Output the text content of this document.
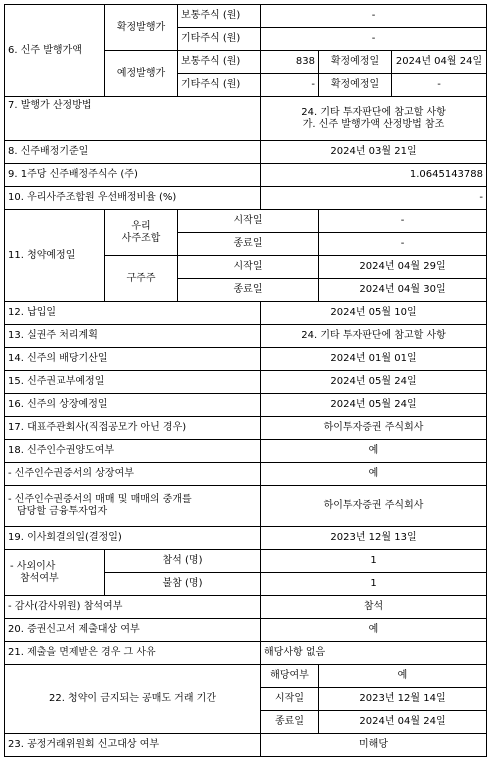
6. 신주 발행가액	확정발행가	보통주식 (원)	-		
		기타주식 (원)	-		
	예정발행가	보통주식 (원)	838	확정예정일	2024년 04월 24일
		기타주식 (원)	-	확정예정일	-
7. 발행가 산정방법			24. 기타 투자판단에 참고할 사항
가. 신주 발행가액 산정방법 참조		

8. 신주배정기준일			2024년 03월 21일		
9. 1주당 신주배정주식수 (주)			1.0645143788		
10. 우리사주조합원 우선배정비율 (%)			-		
11. 청약예정일	우리
사주조합	시작일		-	
		종료일		-	
	구주주	시작일		2024년 04월 29일	
		종료일		2024년 04월 30일	
12. 납입일			2024년 05월 10일		
13. 실권주 처리계획			24. 기타 투자판단에 참고할 사항		
14. 신주의 배당기산일			2024년 01월 01일		
15. 신주권교부예정일			2024년 05월 24일		
16. 신주의 상장예정일			2024년 05월 24일		
17. 대표주관회사(직접공모가 아닌 경우)			하이투자증권 주식회사		
18. 신주인수권양도여부			예		
- 신주인수권증서의 상장여부			예		

- 신주인수권증서의 매매 및 매매의 중개를
담당할 금융투자업자			하이투자증권 주식회사		
19. 이사회결의일(결정일)			2023년 12월 13일		

- 사외이사
참석여부	참석 (명)		1		
	불참 (명)		1		
- 감사(감사위원) 참석여부			참석		
20. 증권신고서 제출대상 여부			예		
21. 제출을 면제받은 경우 그 사유			해당사항 없음		
22. 청약이 금지되는 공매도 거래 기간			해당여부	예	
			시작일	2023년 12월 14일	
			종료일	2024년 04월 24일	
23. 공정거래위원회 신고대상 여부			미해당		
